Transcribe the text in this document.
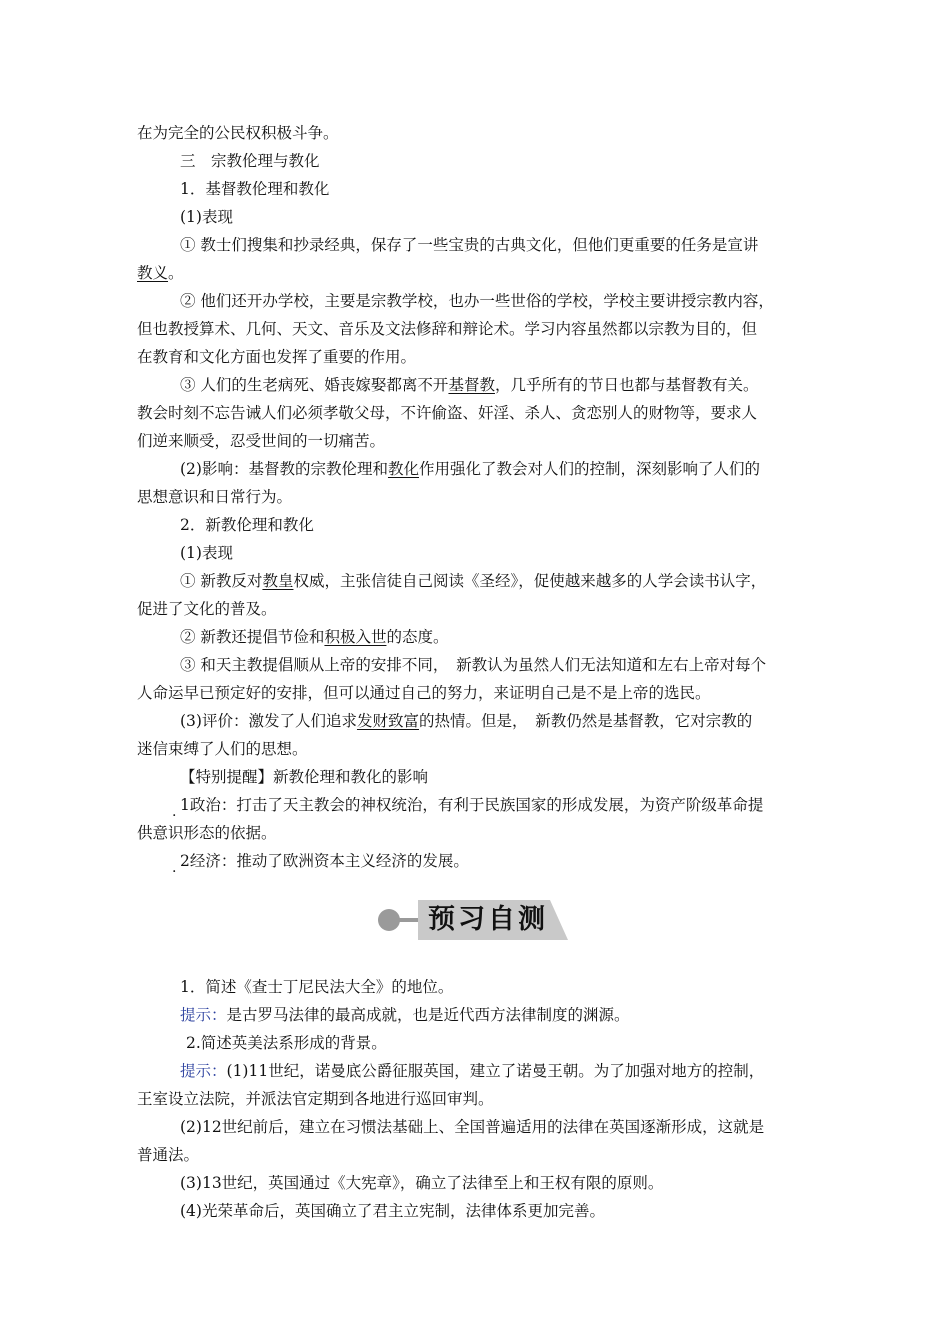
在为完全的公民权积极斗争。
三　宗教伦理与教化
1．基督教伦理和教化
(1)表现
① 教士们搜集和抄录经典，保存了一些宝贵的古典文化，但他们更重要的任务是宣讲
教义。
② 他们还开办学校，主要是宗教学校，也办一些世俗的学校，学校主要讲授宗教内容，
但也教授算术、几何、天文、音乐及文法修辞和辩论术。学习内容虽然都以宗教为目的，但
在教育和文化方面也发挥了重要的作用。
③ 人们的生老病死、婚丧嫁娶都离不开基督教，几乎所有的节日也都与基督教有关。
教会时刻不忘告诫人们必须孝敬父母，不许偷盗、奸淫、杀人、贪恋别人的财物等，要求人
们逆来顺受，忍受世间的一切痛苦。
(2)影响：基督教的宗教伦理和教化作用强化了教会对人们的控制，深刻影响了人们的
思想意识和日常行为。
2．新教伦理和教化
(1)表现
① 新教反对教皇权威，主张信徒自己阅读《圣经》，促使越来越多的人学会读书认字，
促进了文化的普及。
② 新教还提倡节俭和积极入世的态度。
③ 和天主教提倡顺从上帝的安排不同，　新教认为虽然人们无法知道和左右上帝对每个
人命运早已预定好的安排，但可以通过自己的努力，来证明自己是不是上帝的选民。
(3)评价：激发了人们追求发财致富的热情。但是，　新教仍然是基督教，它对宗教的
迷信束缚了人们的思想。
【特别提醒】新教伦理和教化的影响
. 1政治：打击了天主教会的神权统治，有利于民族国家的形成发展，为资产阶级革命提
供意识形态的依据。
. 2经济：推动了欧洲资本主义经济的发展。
预习自测
1．简述《查士丁尼民法大全》的地位。
提示：是古罗马法律的最高成就，也是近代西方法律制度的渊源。
2.简述英美法系形成的背景。
提示：(1)11世纪，诺曼底公爵征服英国，建立了诺曼王朝。为了加强对地方的控制，
王室设立法院，并派法官定期到各地进行巡回审判。
(2)12世纪前后，建立在习惯法基础上、全国普遍适用的法律在英国逐渐形成，这就是
普通法。
(3)13世纪，英国通过《大宪章》，确立了法律至上和王权有限的原则。
(4)光荣革命后，英国确立了君主立宪制，法律体系更加完善。
